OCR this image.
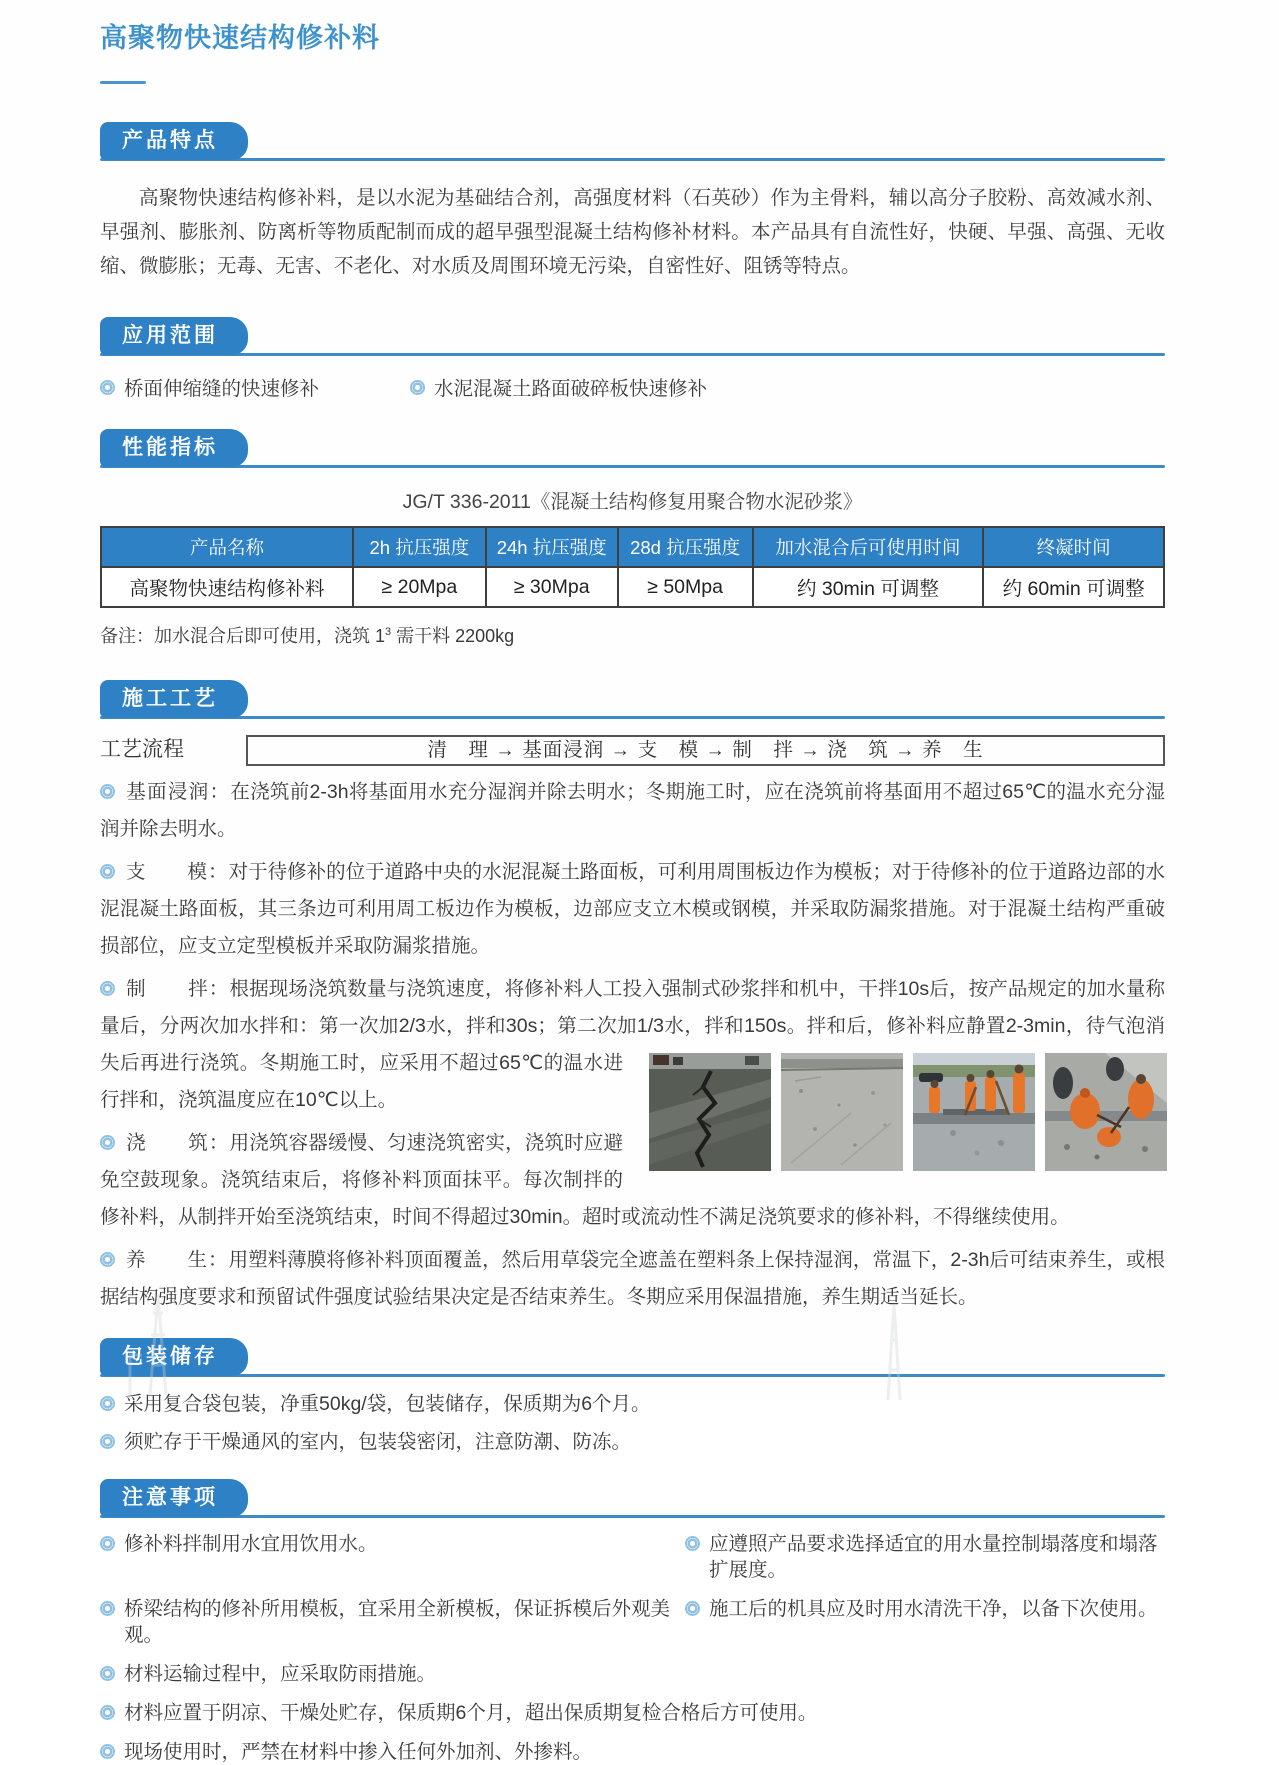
高聚物快速结构修补料
产品特点

高聚物快速结构修补料，是以水泥为基础结合剂，高强度材料（石英砂）作为主骨料，辅以高分子胶粉、高效减水剂、早强剂、膨胀剂、防离析等物质配制而成的超早强型混凝土结构修补材料。本产品具有自流性好，快硬、早强、高强、无收缩、微膨胀；无毒、无害、不老化、对水质及周围环境无污染，自密性好、阻锈等特点。

应用范围
桥面伸缩缝的快速修补	水泥混凝土路面破碎板快速修补
性能指标
JG/T 336-2011《混凝土结构修复用聚合物水泥砂浆》
产品名称	2h 抗压强度	24h 抗压强度	28d 抗压强度	加水混合后可使用时间	终凝时间
高聚物快速结构修补料	≥ 20Mpa	≥ 30Mpa	≥ 50Mpa	约 30min 可调整	约 60min 可调整
备注：加水混合后即可使用，浇筑 $1^3$ 需干料 2200kg
施工工艺
工艺流程	清　理 → 基面浸润 → 支　模 → 制　拌 → 浇　筑 → 养　生

基面浸润：在浇筑前2-3h将基面用水充分湿润并除去明水；冬期施工时，应在浇筑前将基面用不超过65℃的温水充分湿润并除去明水。

支　　模：对于待修补的位于道路中央的水泥混凝土路面板，可利用周围板边作为模板；对于待修补的位于道路边部的水泥混凝土路面板，其三条边可利用周工板边作为模板，边部应支立木模或钢模，并采取防漏浆措施。对于混凝土结构严重破损部位，应支立定型模板并采取防漏浆措施。

制　　拌：根据现场浇筑数量与浇筑速度，将修补料人工投入强制式砂浆拌和机中，干拌10s后，按产品规定的加水量称量后，分两次加水拌和：第一次加2/3水，拌和30s；第二次加1/3水，拌和150s。拌和后，修补料应静置2-3min，待气泡消失后再进行浇筑。冬期施工时，应采用不
超过65℃的温水进行拌和，浇筑温度应在10℃以上。

浇　　筑：用浇筑容器缓慢、匀速浇筑密实，浇筑时应避免空鼓现象。浇筑结束后，将修补料顶面抹平。每次制拌的修补料，从制拌开始至浇筑结束，时间不得超过30min。超时或流动性不满足浇筑要求的修补料，不得继续使用。

养　　生：用塑料薄膜将修补料顶面覆盖，然后用草袋完全遮盖在塑料条上保持湿润，常温下，2-3h后可结束养生，或根据结构强度要求和预留试件强度试验结果决定是否结束养生。冬期应采用保温措施，养生期适当延长。

包装储存
采用复合袋包装，净重50kg/袋，包装储存，保质期为6个月。
须贮存于干燥通风的室内，包装袋密闭，注意防潮、防冻。
注意事项
修补料拌制用水宜用饮用水。	应遵照产品要求选择适宜的用水量控制塌落度和塌落扩展度。
桥梁结构的修补所用模板，宜采用全新模板，保证拆模后外观美观。
施工后的机具应及时用水清洗干净，以备下次使用。
材料运输过程中，应采取防雨措施。
材料应置于阴凉、干燥处贮存，保质期6个月，超出保质期复检合格后方可使用。
现场使用时，严禁在材料中掺入任何外加剂、外掺料。
